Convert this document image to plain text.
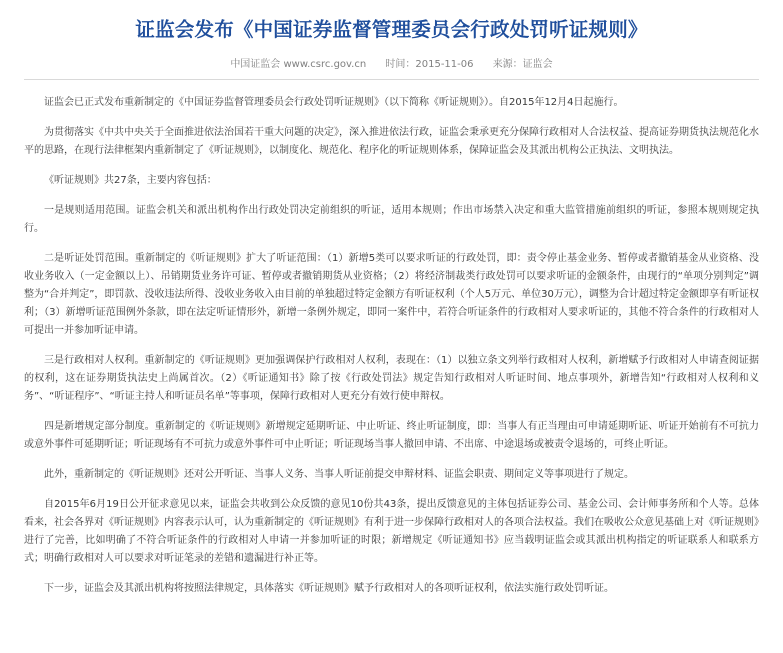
证监会发布《中国证券监督管理委员会行政处罚听证规则》
中国证监会 www.csrc.gov.cn 时间：2015-11-06 来源：证监会

证监会已正式发布重新制定的《中国证券监督管理委员会行政处罚听证规则》（以下简称《听证规则》）。自2015年12月4日起施行。

为贯彻落实《中共中央关于全面推进依法治国若干重大问题的决定》，深入推进依法行政，证监会秉承更充分保障行政相对人合法权益、提高证券期货执法规范化水平的思路，在现行法律框架内重新制定了《听证规则》，以制度化、规范化、程序化的听证规则体系，保障证监会及其派出机构公正执法、文明执法。

《听证规则》共27条，主要内容包括：

一是规则适用范围。证监会机关和派出机构作出行政处罚决定前组织的听证，适用本规则；作出市场禁入决定和重大监管措施前组织的听证，参照本规则规定执行。

二是听证处罚范围。重新制定的《听证规则》扩大了听证范围：（1）新增5类可以要求听证的行政处罚，即：责令停止基金业务、暂停或者撤销基金从业资格、没收业务收入（一定金额以上）、吊销期货业务许可证、暂停或者撤销期货从业资格；（2）将经济制裁类行政处罚可以要求听证的金额条件，由现行的“单项分别判定”调整为“合并判定”，即罚款、没收违法所得、没收业务收入由目前的单独超过特定金额方有听证权利（个人5万元、单位30万元），调整为合计超过特定金额即享有听证权利；（3）新增听证范围例外条款，即在法定听证情形外，新增一条例外规定，即同一案件中，若符合听证条件的行政相对人要求听证的，其他不符合条件的行政相对人可提出一并参加听证申请。

三是行政相对人权利。重新制定的《听证规则》更加强调保护行政相对人权利，表现在：（1）以独立条文列举行政相对人权利，新增赋予行政相对人申请查阅证据的权利，这在证券期货执法史上尚属首次。（2）《听证通知书》除了按《行政处罚法》规定告知行政相对人听证时间、地点事项外，新增告知“行政相对人权利和义务”、“听证程序”、“听证主持人和听证员名单”等事项，保障行政相对人更充分有效行使申辩权。

四是新增规定部分制度。重新制定的《听证规则》新增规定延期听证、中止听证、终止听证制度，即：当事人有正当理由可申请延期听证、听证开始前有不可抗力或意外事件可延期听证；听证现场有不可抗力或意外事件可中止听证；听证现场当事人撤回申请、不出席、中途退场或被责令退场的，可终止听证。

此外，重新制定的《听证规则》还对公开听证、当事人义务、当事人听证前提交申辩材料、证监会职责、期间定义等事项进行了规定。

自2015年6月19日公开征求意见以来，证监会共收到公众反馈的意见10份共43条，提出反馈意见的主体包括证券公司、基金公司、会计师事务所和个人等。总体看来，社会各界对《听证规则》内容表示认可，认为重新制定的《听证规则》有利于进一步保障行政相对人的各项合法权益。我们在吸收公众意见基础上对《听证规则》进行了完善，比如明确了不符合听证条件的行政相对人申请一并参加听证的时限；新增规定《听证通知书》应当载明证监会或其派出机构指定的听证联系人和联系方式；明确行政相对人可以要求对听证笔录的差错和遗漏进行补正等。

下一步，证监会及其派出机构将按照法律规定，具体落实《听证规则》赋予行政相对人的各项听证权利，依法实施行政处罚听证。
